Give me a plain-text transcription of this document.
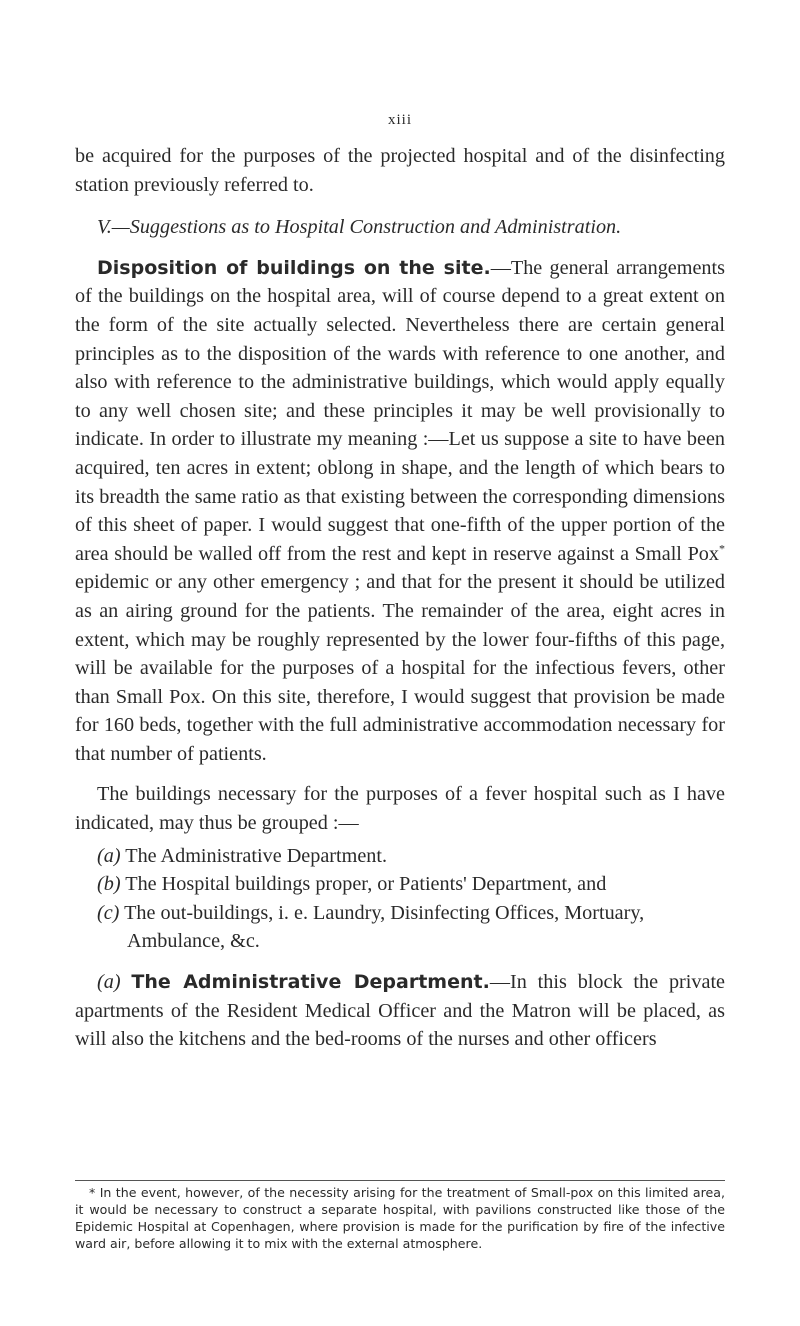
xiii

be acquired for the purposes of the projected hospital and of the disinfecting station previously referred to.

V.—Suggestions as to Hospital Construction and Administration.

Disposition of buildings on the site.—The general arrangements of the buildings on the hospital area, will of course depend to a great extent on the form of the site actually selected. Nevertheless there are certain general principles as to the disposition of the wards with reference to one another, and also with reference to the administrative buildings, which would apply equally to any well chosen site; and these principles it may be well provisionally to indicate. In order to illustrate my meaning :—Let us suppose a site to have been acquired, ten acres in extent; oblong in shape, and the length of which bears to its breadth the same ratio as that existing between the corresponding dimensions of this sheet of paper. I would suggest that one-fifth of the upper portion of the area should be walled off from the rest and kept in reserve against a Small Pox* epidemic or any other emergency ; and that for the present it should be utilized as an airing ground for the patients. The remainder of the area, eight acres in extent, which may be roughly represented by the lower four-fifths of this page, will be available for the purposes of a hospital for the infectious fevers, other than Small Pox. On this site, therefore, I would suggest that provision be made for 160 beds, together with the full administrative accommodation necessary for that number of patients.

The buildings necessary for the purposes of a fever hospital such as I have indicated, may thus be grouped :—

(a) The Administrative Department.
(b) The Hospital buildings proper, or Patients' Department, and
(c) The out-buildings, i. e. Laundry, Disinfecting Offices, Mortuary, Ambulance, &c.

(a) The Administrative Department.—In this block the private apartments of the Resident Medical Officer and the Matron will be placed, as will also the kitchens and the bed-rooms of the nurses and other officers

* In the event, however, of the necessity arising for the treatment of Small-pox on this limited area, it would be necessary to construct a separate hospital, with pavilions constructed like those of the Epidemic Hospital at Copenhagen, where provision is made for the purification by fire of the infective ward air, before allowing it to mix with the external atmosphere.
